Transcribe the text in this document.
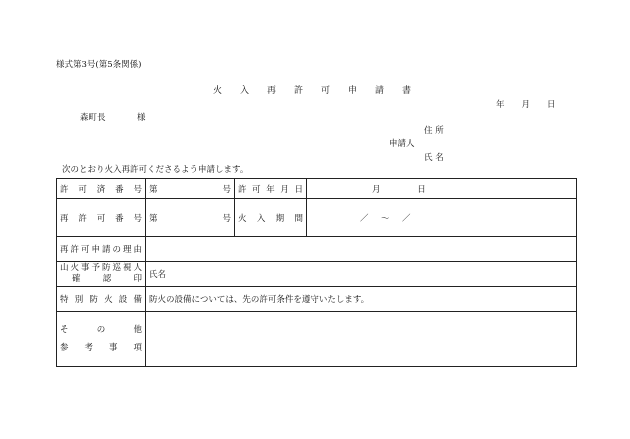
様式第3号(第5条関係)
火　　入　　再　　許　　可　　申　　請　　書
年　　月　　日
森町長	様
住 所
申請人
氏 名
次のとおり火入再許可くださるよう申請します。
許可済番号	第 号	許可年月日	月 日
再許可番号	第 号	火入期間	／　～　／
再許可申請の理由			

山火事予防巡視人
確認印	氏名		
特別防火設備	防火の設備については、先の許可条件を遵守いたします。		

その他
参考事項			
